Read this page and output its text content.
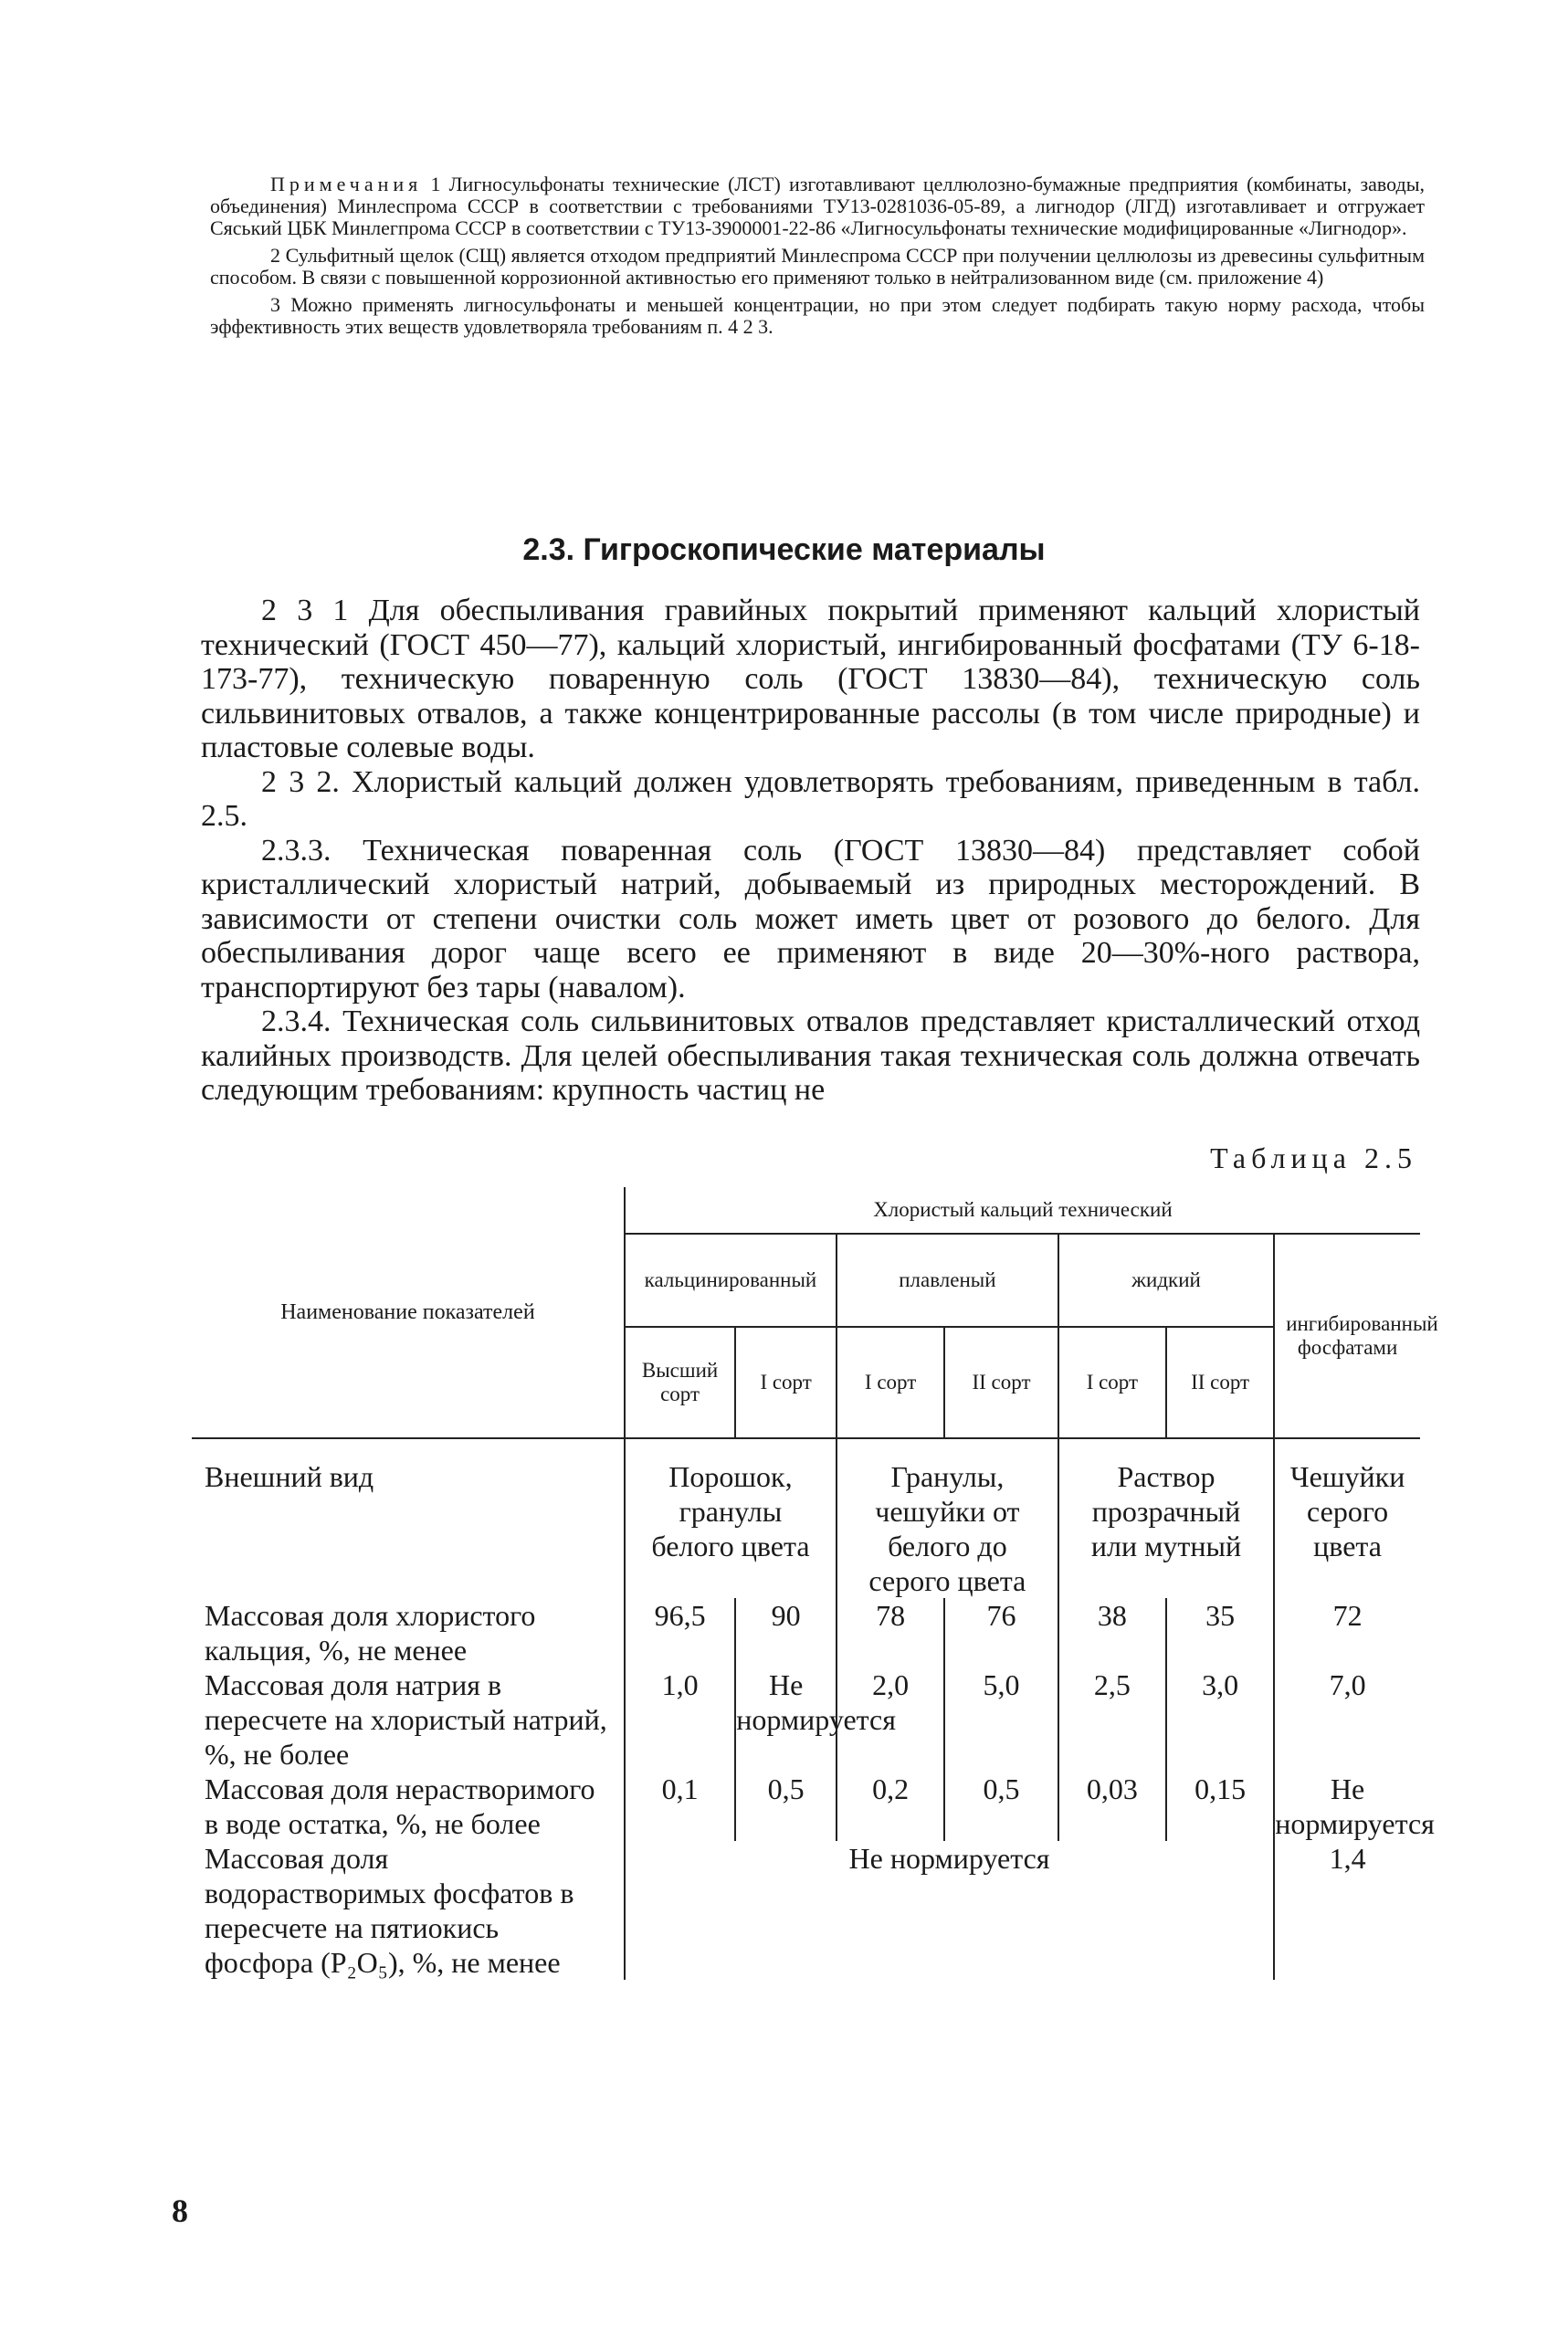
Примечания 1 Лигносульфонаты технические (ЛСТ) изготавливают целлюлозно-бумажные предприятия (комбинаты, заводы, объединения) Минлеспрома СССР в соответствии с требованиями ТУ13-0281036-05-89, а лигнодор (ЛГД) изготавливает и отгружает Сяський ЦБК Минлегпрома СССР в соответствии с ТУ13-3900001-22-86 «Лигносульфонаты технические модифицированные «Лигнодор».

2 Сульфитный щелок (СЩ) является отходом предприятий Минлеспрома СССР при получении целлюлозы из древесины сульфитным способом. В связи с повышенной коррозионной активностью его применяют только в нейтрализованном виде (см. приложение 4)

3 Можно применять лигносульфонаты и меньшей концентрации, но при этом следует подбирать такую норму расхода, чтобы эффективность этих веществ удовлетворяла требованиям п. 4 2 3.

2.3. Гигроскопические материалы

2 3 1 Для обеспыливания гравийных покрытий применяют кальций хлористый технический (ГОСТ 450—77), кальций хлористый, ингибированный фосфатами (ТУ 6-18-173-77), техническую поваренную соль (ГОСТ 13830—84), техническую соль сильвинитовых отвалов, а также концентрированные рассолы (в том числе природные) и пластовые солевые воды.

2 3 2. Хлористый кальций должен удовлетворять требованиям, приведенным в табл. 2.5.

2.3.3. Техническая поваренная соль (ГОСТ 13830—84) представляет собой кристаллический хлористый натрий, добываемый из природных месторождений. В зависимости от степени очистки соль может иметь цвет от розового до белого. Для обеспыливания дорог чаще всего ее применяют в виде 20—30%-ного раствора, транспортируют без тары (навалом).

2.3.4. Техническая соль сильвинитовых отвалов представляет кристаллический отход калийных производств. Для целей обеспыливания такая техническая соль должна отвечать следующим требованиям: крупность частиц не

Таблица 2.5
Наименование показателей	Хлористый кальций технический						
	кальцинированный		плавленый		жидкий		ингибированный фосфатами
	Высший сорт	I сорт	I сорт	II сорт	I сорт	II сорт	
Внешний вид	Порошок, гранулы белого цвета		Гранулы, чешуйки от белого до серого цвета		Раствор прозрачный или мутный		Чешуйки серого цвета
Массовая доля хлористого кальция, %, не менее	96,5	90	78	76	38	35	72
Массовая доля натрия в пересчете на хлористый натрий, %, не более	1,0	Не нормируется	2,0	5,0	2,5	3,0	7,0
Массовая доля нерастворимого в воде остатка, %, не более	0,1	0,5	0,2	0,5	0,03	0,15	Не нормируется
Массовая доля водорастворимых фосфатов в пересчете на пятиокись фосфора (P₂O₅), %, не менее	Не нормируется						1,4
8
